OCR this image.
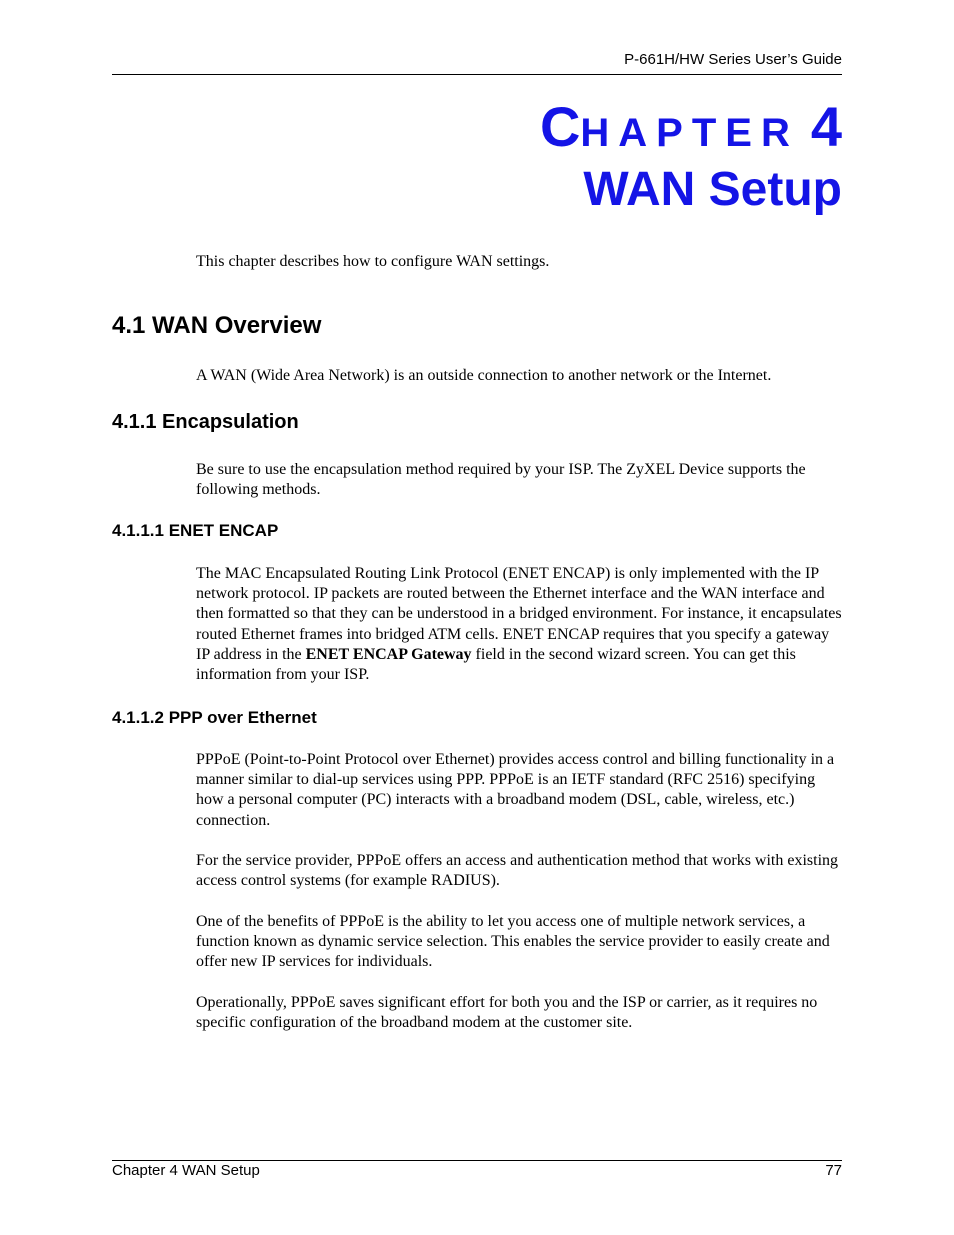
P-661H/HW Series User’s Guide
CHAPTER 4
WAN Setup

This chapter describes how to configure WAN settings.

4.1 WAN Overview

A WAN (Wide Area Network) is an outside connection to another network or the Internet.

4.1.1 Encapsulation

Be sure to use the encapsulation method required by your ISP. The ZyXEL Device supports the following methods.

4.1.1.1 ENET ENCAP

The MAC Encapsulated Routing Link Protocol (ENET ENCAP) is only implemented with the IP network protocol. IP packets are routed between the Ethernet interface and the WAN interface and then formatted so that they can be understood in a bridged environment. For instance, it encapsulates routed Ethernet frames into bridged ATM cells. ENET ENCAP requires that you specify a gateway IP address in the ENET ENCAP Gateway field in the second wizard screen. You can get this information from your ISP.

4.1.1.2 PPP over Ethernet

PPPoE (Point-to-Point Protocol over Ethernet) provides access control and billing functionality in a manner similar to dial-up services using PPP. PPPoE is an IETF standard (RFC 2516) specifying how a personal computer (PC) interacts with a broadband modem (DSL, cable, wireless, etc.) connection.

For the service provider, PPPoE offers an access and authentication method that works with existing access control systems (for example RADIUS).

One of the benefits of PPPoE is the ability to let you access one of multiple network services, a function known as dynamic service selection. This enables the service provider to easily create and offer new IP services for individuals.

Operationally, PPPoE saves significant effort for both you and the ISP or carrier, as it requires no specific configuration of the broadband modem at the customer site.

Chapter 4 WAN Setup	77
